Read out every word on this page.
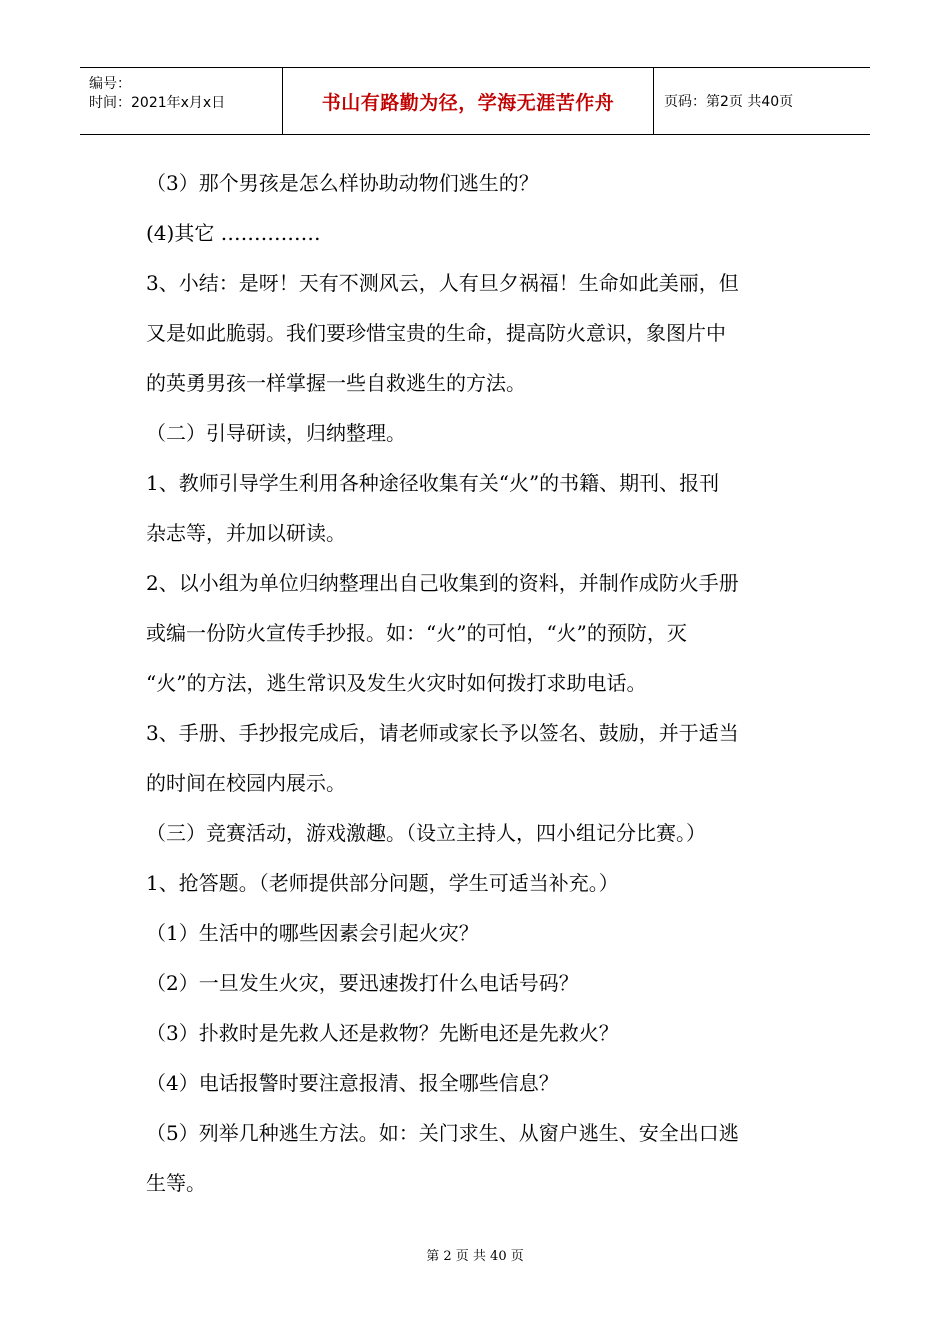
编号：
时间：2021年x月x日	书山有路勤为径，学海无涯苦作舟	页码：第2页 共40页
（3）那个男孩是怎么样协助动物们逃生的？
(4)其它 ……………
3、小结：是呀！天有不测风云，人有旦夕祸福！生命如此美丽，但
又是如此脆弱。我们要珍惜宝贵的生命，提高防火意识，象图片中
的英勇男孩一样掌握一些自救逃生的方法。
（二）引导研读，归纳整理。
1、教师引导学生利用各种途径收集有关“火”的书籍、期刊、报刊
杂志等，并加以研读。
2、以小组为单位归纳整理出自己收集到的资料，并制作成防火手册
或编一份防火宣传手抄报。如：“火”的可怕，“火”的预防，灭
“火”的方法，逃生常识及发生火灾时如何拨打求助电话。
3、手册、手抄报完成后，请老师或家长予以签名、鼓励，并于适当
的时间在校园内展示。
（三）竞赛活动，游戏激趣。（设立主持人，四小组记分比赛。）
1、抢答题。（老师提供部分问题，学生可适当补充。）
（1）生活中的哪些因素会引起火灾？
（2）一旦发生火灾，要迅速拨打什么电话号码？
（3）扑救时是先救人还是救物？先断电还是先救火？
（4）电话报警时要注意报清、报全哪些信息？
（5）列举几种逃生方法。如：关门求生、从窗户逃生、安全出口逃
生等。
第 2 页 共 40 页
